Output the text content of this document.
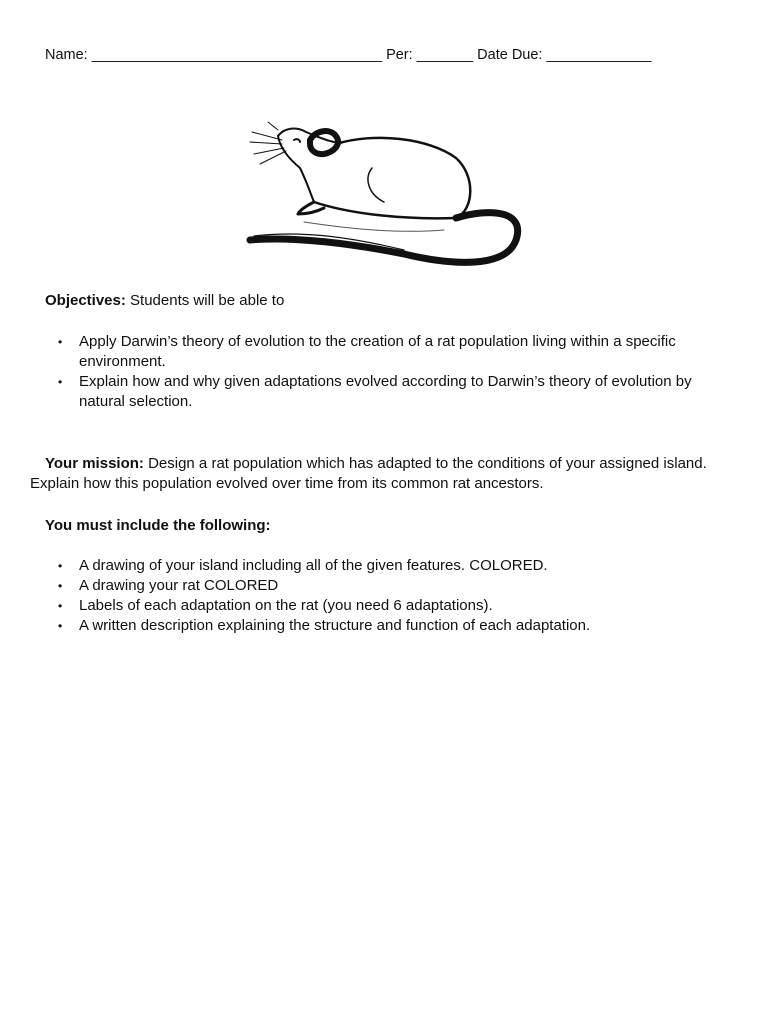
Name: ____________________________________ Per: _______ Date Due: _____________
Objectives: Students will be able to
• Apply Darwin’s theory of evolution to the creation of a rat population living within a specific environment.
• Explain how and why given adaptations evolved according to Darwin’s theory of evolution by natural selection.
Your mission: Design a rat population which has adapted to the conditions of your assigned island. Explain how this population evolved over time from its common rat ancestors.
You must include the following:
• A drawing of your island including all of the given features. COLORED.
• A drawing your rat COLORED
• Labels of each adaptation on the rat (you need 6 adaptations).
• A written description explaining the structure and function of each adaptation.
